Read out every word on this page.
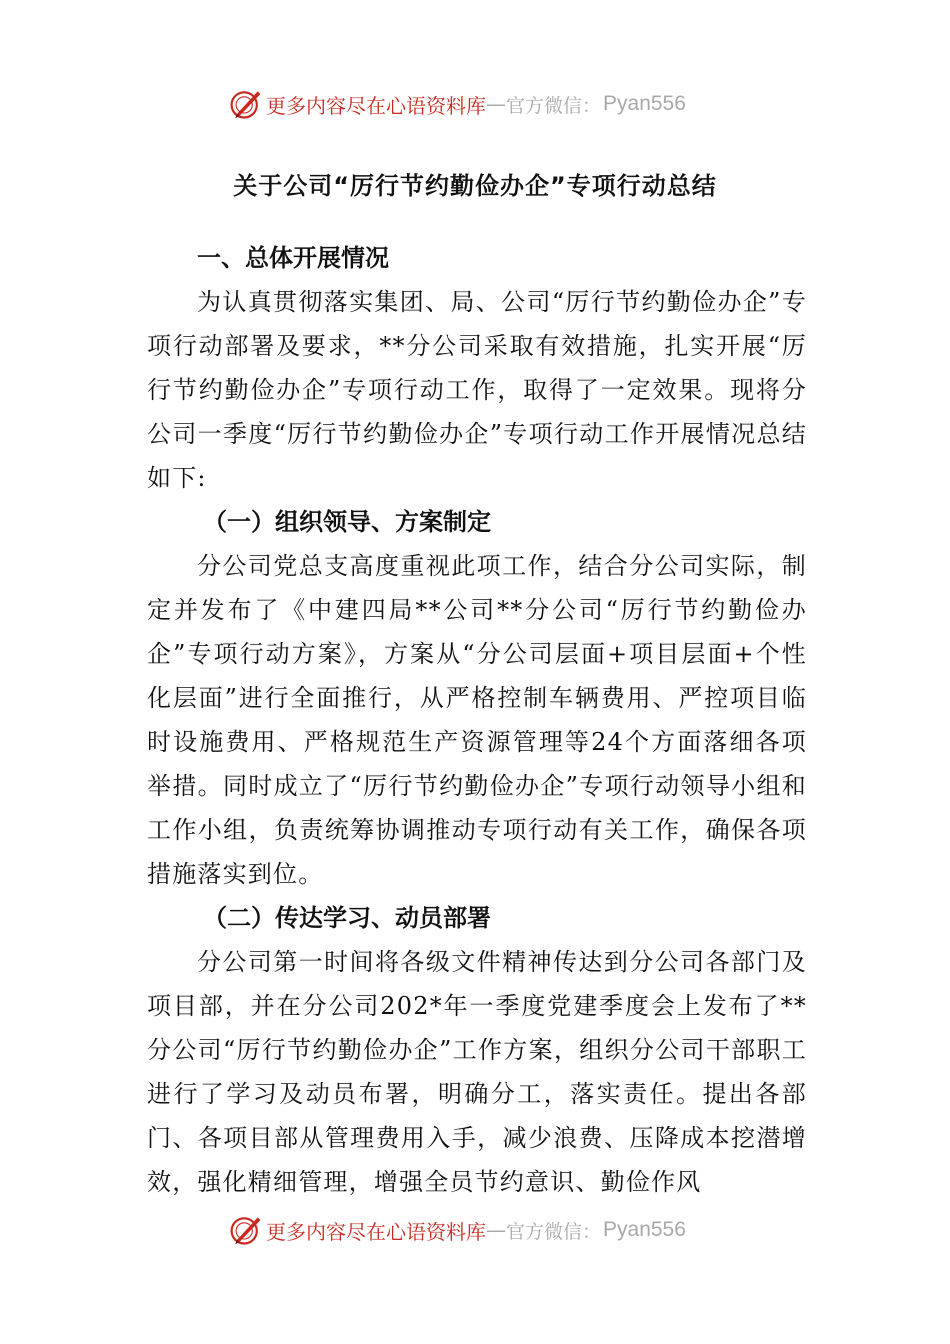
更多内容尽在心语资料库 — 官方微信： Pyan556
关于公司“厉行节约勤俭办企”专项行动总结
一、总体开展情况

为认真贯彻落实集团、局、公司“厉行节约勤俭办企”专项行动部署及要求，**分公司采取有效措施，扎实开展“厉行节约勤俭办企”专项行动工作，取得了一定效果。现将分公司一季度“厉行节约勤俭办企”专项行动工作开展情况总结如下:

（一）组织领导、方案制定

分公司党总支高度重视此项工作，结合分公司实际，制定并发布了《中建四局**公司**分公司“厉行节约勤俭办企”专项行动方案》，方案从“分公司层面+项目层面+个性化层面”进行全面推行，从严格控制车辆费用、严控项目临时设施费用、严格规范生产资源管理等24个方面落细各项举措。同时成立了“厉行节约勤俭办企”专项行动领导小组和工作小组，负责统筹协调推动专项行动有关工作，确保各项措施落实到位。

（二）传达学习、动员部署

分公司第一时间将各级文件精神传达到分公司各部门及项目部，并在分公司202*年一季度党建季度会上发布了**分公司“厉行节约勤俭办企”工作方案，组织分公司干部职工进行了学习及动员布署，明确分工，落实责任。提出各部门、各项目部从管理费用入手，减少浪费、压降成本挖潜增效，强化精细管理，增强全员节约意识、勤俭作风

更多内容尽在心语资料库 — 官方微信： Pyan556
